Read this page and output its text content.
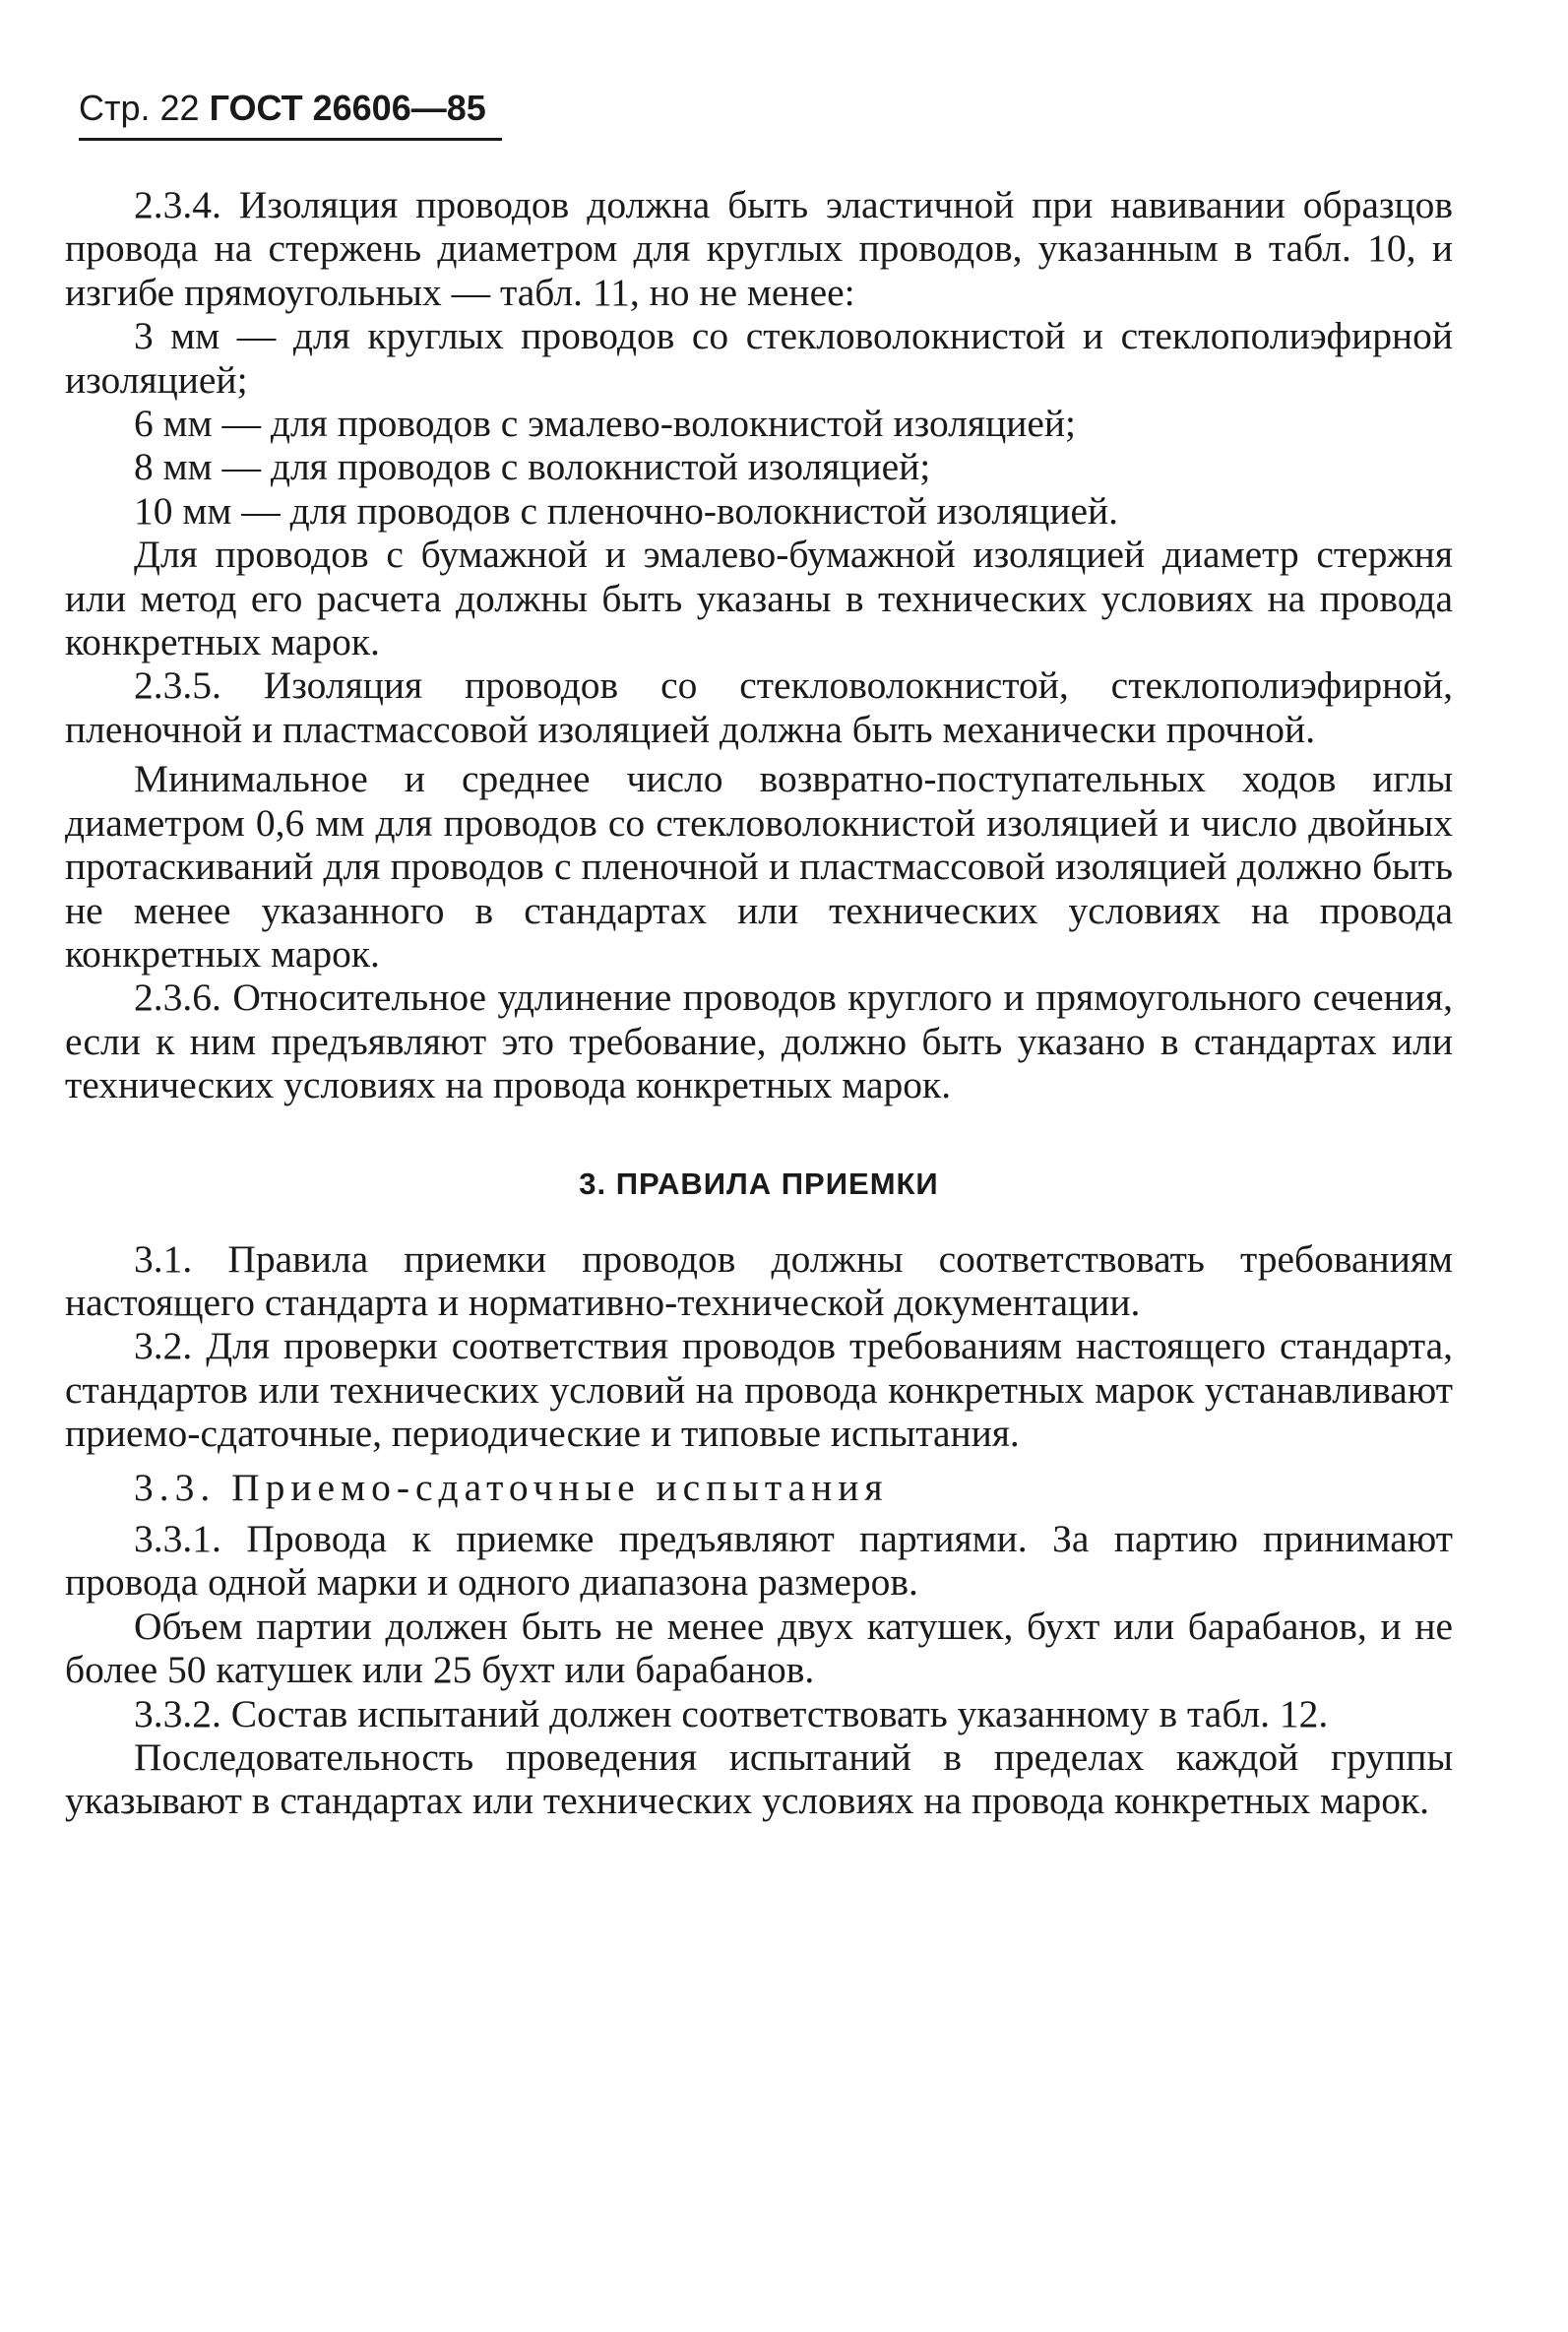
Стр. 22 ГОСТ 26606—85

2.3.4. Изоляция проводов должна быть эластичной при навивании образцов провода на стержень диаметром для круглых проводов, указанным в табл. 10, и изгибе прямоугольных — табл. 11, но не менее:

3 мм — для круглых проводов со стекловолокнистой и стеклополиэфирной изоляцией;

6 мм — для проводов с эмалево-волокнистой изоляцией;

8 мм — для проводов с волокнистой изоляцией;

10 мм — для проводов с пленочно-волокнистой изоляцией.

Для проводов с бумажной и эмалево-бумажной изоляцией диаметр стержня или метод его расчета должны быть указаны в технических условиях на провода конкретных марок.

2.3.5. Изоляция проводов со стекловолокнистой, стеклополиэфирной, пленочной и пластмассовой изоляцией должна быть механически прочной.

Минимальное и среднее число возвратно-поступательных ходов иглы диаметром 0,6 мм для проводов со стекловолокнистой изоляцией и число двойных протаскиваний для проводов с пленочной и пластмассовой изоляцией должно быть не менее указанного в стандартах или технических условиях на провода конкретных марок.

2.3.6. Относительное удлинение проводов круглого и прямоугольного сечения, если к ним предъявляют это требование, должно быть указано в стандартах или технических условиях на провода конкретных марок.

3. ПРАВИЛА ПРИЕМКИ

3.1. Правила приемки проводов должны соответствовать требованиям настоящего стандарта и нормативно-технической документации.

3.2. Для проверки соответствия проводов требованиям настоящего стандарта, стандартов или технических условий на провода конкретных марок устанавливают приемо-сдаточные, периодические и типовые испытания.

3.3. Приемо-сдаточные испытания

3.3.1. Провода к приемке предъявляют партиями. За партию принимают провода одной марки и одного диапазона размеров.

Объем партии должен быть не менее двух катушек, бухт или барабанов, и не более 50 катушек или 25 бухт или барабанов.

3.3.2. Состав испытаний должен соответствовать указанному в табл. 12.

Последовательность проведения испытаний в пределах каждой группы указывают в стандартах или технических условиях на провода конкретных марок.
